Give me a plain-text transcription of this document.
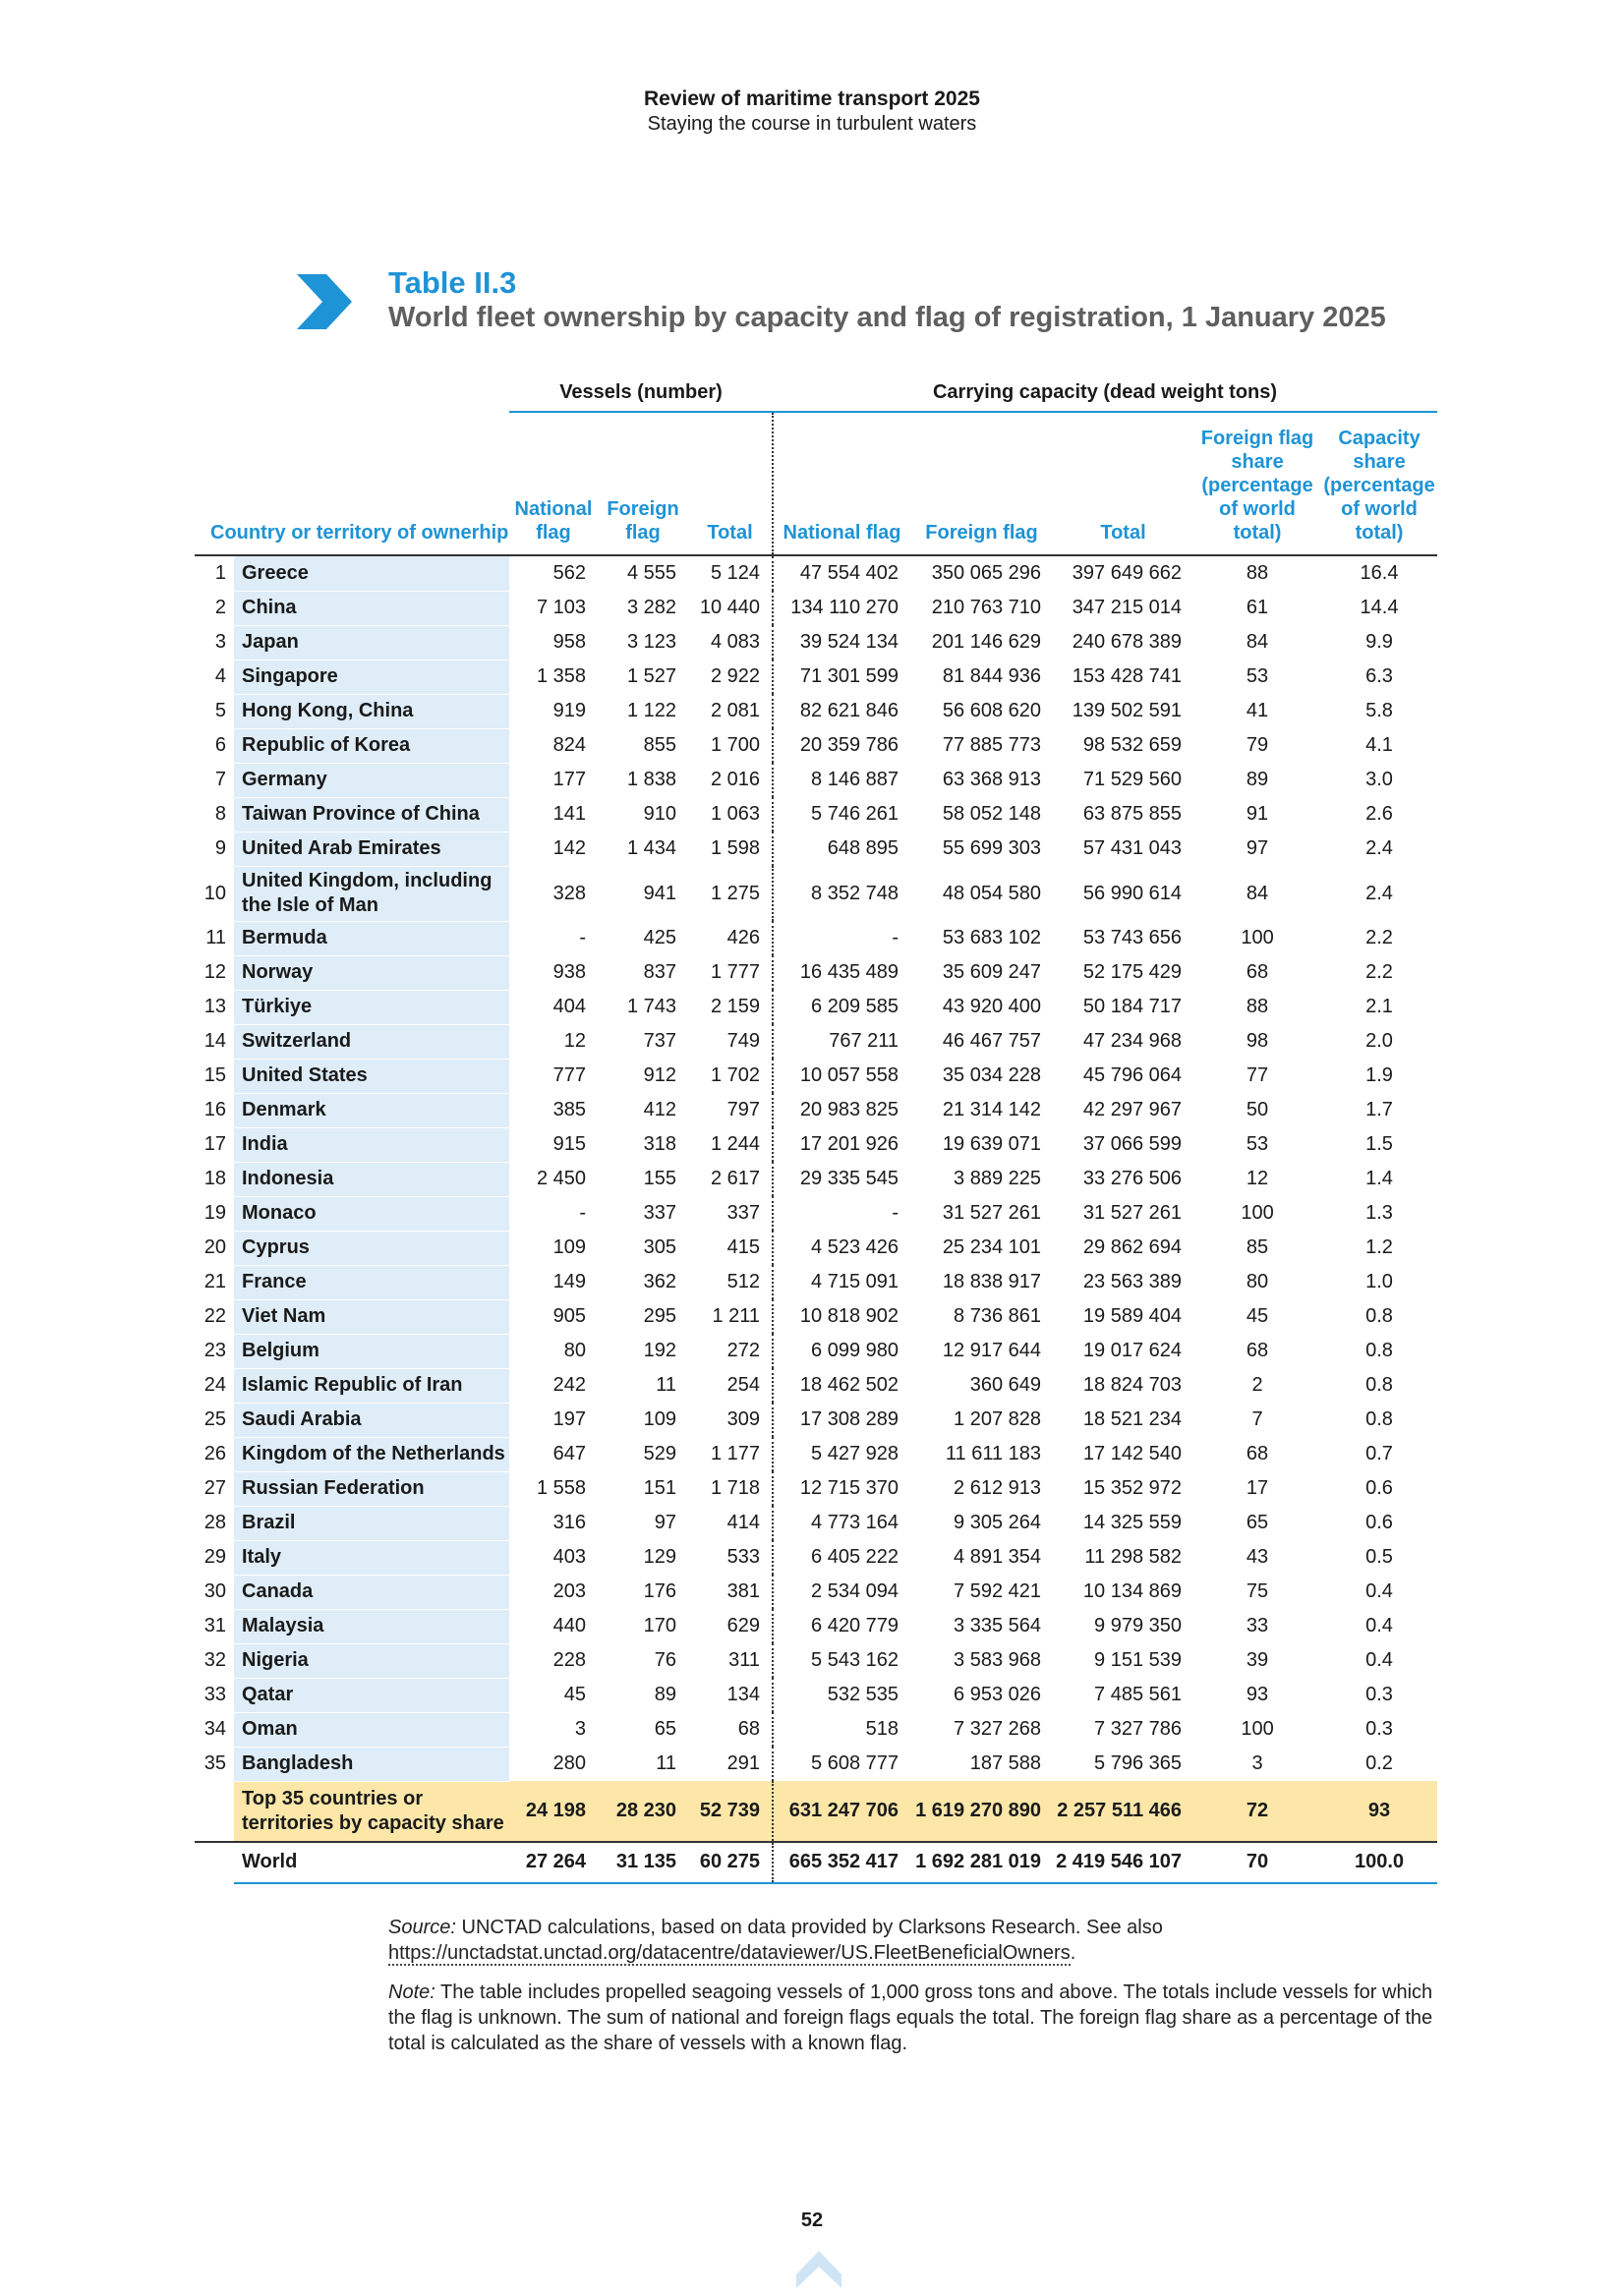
Review of maritime transport 2025
Staying the course in turbulent waters
Table II.3
World fleet ownership by capacity and flag of registration, 1 January 2025
		Vessels (number)			Carrying capacity (dead weight tons)				
Country or territory of ownerhip		National flag	Foreign flag	Total	National flag	Foreign flag	Total	Foreign flag share (percentage of world total)	Capacity share (percentage of world total)
1	Greece	562	4 555	5 124	47 554 402	350 065 296	397 649 662	88	16.4
2	China	7 103	3 282	10 440	134 110 270	210 763 710	347 215 014	61	14.4
3	Japan	958	3 123	4 083	39 524 134	201 146 629	240 678 389	84	9.9
4	Singapore	1 358	1 527	2 922	71 301 599	81 844 936	153 428 741	53	6.3
5	Hong Kong, China	919	1 122	2 081	82 621 846	56 608 620	139 502 591	41	5.8
6	Republic of Korea	824	855	1 700	20 359 786	77 885 773	98 532 659	79	4.1
7	Germany	177	1 838	2 016	8 146 887	63 368 913	71 529 560	89	3.0
8	Taiwan Province of China	141	910	1 063	5 746 261	58 052 148	63 875 855	91	2.6
9	United Arab Emirates	142	1 434	1 598	648 895	55 699 303	57 431 043	97	2.4
10	United Kingdom, including the Isle of Man	328	941	1 275	8 352 748	48 054 580	56 990 614	84	2.4
11	Bermuda	-	425	426	-	53 683 102	53 743 656	100	2.2
12	Norway	938	837	1 777	16 435 489	35 609 247	52 175 429	68	2.2
13	Türkiye	404	1 743	2 159	6 209 585	43 920 400	50 184 717	88	2.1
14	Switzerland	12	737	749	767 211	46 467 757	47 234 968	98	2.0
15	United States	777	912	1 702	10 057 558	35 034 228	45 796 064	77	1.9
16	Denmark	385	412	797	20 983 825	21 314 142	42 297 967	50	1.7
17	India	915	318	1 244	17 201 926	19 639 071	37 066 599	53	1.5
18	Indonesia	2 450	155	2 617	29 335 545	3 889 225	33 276 506	12	1.4
19	Monaco	-	337	337	-	31 527 261	31 527 261	100	1.3
20	Cyprus	109	305	415	4 523 426	25 234 101	29 862 694	85	1.2
21	France	149	362	512	4 715 091	18 838 917	23 563 389	80	1.0
22	Viet Nam	905	295	1 211	10 818 902	8 736 861	19 589 404	45	0.8
23	Belgium	80	192	272	6 099 980	12 917 644	19 017 624	68	0.8
24	Islamic Republic of Iran	242	11	254	18 462 502	360 649	18 824 703	2	0.8
25	Saudi Arabia	197	109	309	17 308 289	1 207 828	18 521 234	7	0.8
26	Kingdom of the Netherlands	647	529	1 177	5 427 928	11 611 183	17 142 540	68	0.7
27	Russian Federation	1 558	151	1 718	12 715 370	2 612 913	15 352 972	17	0.6
28	Brazil	316	97	414	4 773 164	9 305 264	14 325 559	65	0.6
29	Italy	403	129	533	6 405 222	4 891 354	11 298 582	43	0.5
30	Canada	203	176	381	2 534 094	7 592 421	10 134 869	75	0.4
31	Malaysia	440	170	629	6 420 779	3 335 564	9 979 350	33	0.4
32	Nigeria	228	76	311	5 543 162	3 583 968	9 151 539	39	0.4
33	Qatar	45	89	134	532 535	6 953 026	7 485 561	93	0.3
34	Oman	3	65	68	518	7 327 268	7 327 786	100	0.3
35	Bangladesh	280	11	291	5 608 777	187 588	5 796 365	3	0.2
	Top 35 countries or territories by capacity share	24 198	28 230	52 739	631 247 706	1 619 270 890	2 257 511 466	72	93
	World	27 264	31 135	60 275	665 352 417	1 692 281 019	2 419 546 107	70	100.0

Source: UNCTAD calculations, based on data provided by Clarksons Research. See also https://unctadstat.unctad.org/datacentre/dataviewer/US.FleetBeneficialOwners.

Note: The table includes propelled seagoing vessels of 1,000 gross tons and above. The totals include vessels for which the flag is unknown. The sum of national and foreign flags equals the total. The foreign flag share as a percentage of the total is calculated as the share of vessels with a known flag.

52
